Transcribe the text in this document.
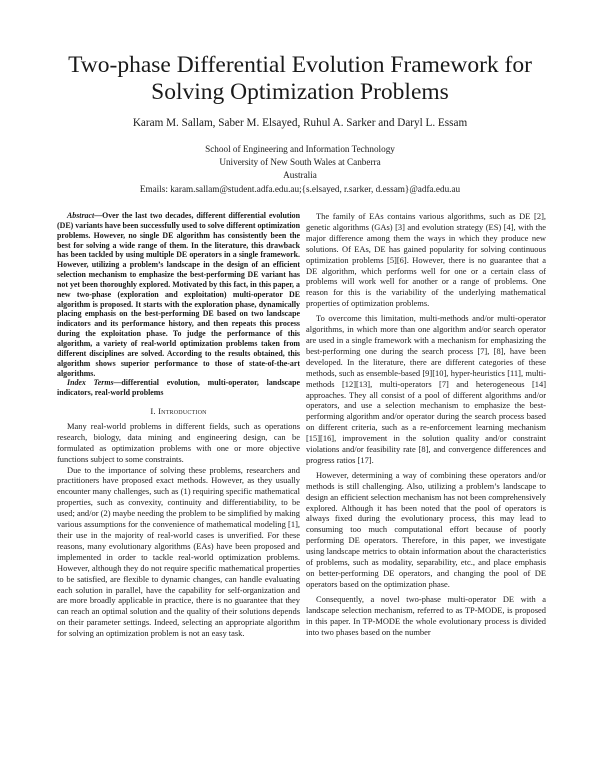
Two-phase Differential Evolution Framework for Solving Optimization Problems
Karam M. Sallam, Saber M. Elsayed, Ruhul A. Sarker and Daryl L. Essam
School of Engineering and Information Technology
University of New South Wales at Canberra
Australia
Emails: karam.sallam@student.adfa.edu.au;{s.elsayed, r.sarker, d.essam}@adfa.edu.au

Abstract—Over the last two decades, different differential evolution (DE) variants have been successfully used to solve different optimization problems. However, no single DE algorithm has consistently been the best for solving a wide range of them. In the literature, this drawback has been tackled by using multiple DE operators in a single framework. However, utilizing a problem’s landscape in the design of an efficient selection mechanism to emphasize the best-performing DE variant has not yet been thoroughly explored. Motivated by this fact, in this paper, a new two-phase (exploration and exploitation) multi-operator DE algorithm is proposed. It starts with the exploration phase, dynamically placing emphasis on the best-performing DE based on two landscape indicators and its performance history, and then repeats this process during the exploitation phase. To judge the performance of this algorithm, a variety of real-world optimization problems taken from different disciplines are solved. According to the results obtained, this algorithm shows superior performance to those of state-of-the-art algorithms.

Index Terms—differential evolution, multi-operator, landscape indicators, real-world problems

I. Introduction

Many real-world problems in different fields, such as operations research, biology, data mining and engineering design, can be formulated as optimization problems with one or more objective functions subject to some constraints.

Due to the importance of solving these problems, researchers and practitioners have proposed exact methods. However, as they usually encounter many challenges, such as (1) requiring specific mathematical properties, such as convexity, continuity and differentiability, to be used; and/or (2) maybe needing the problem to be simplified by making various assumptions for the convenience of mathematical modeling [1], their use in the majority of real-world cases is unverified. For these reasons, many evolutionary algorithms (EAs) have been proposed and implemented in order to tackle real-world optimization problems. However, although they do not require specific mathematical properties to be satisfied, are flexible to dynamic changes, can handle evaluating each solution in parallel, have the capability for self-organization and are more broadly applicable in practice, there is no guarantee that they can reach an optimal solution and the quality of their solutions depends on their parameter settings. Indeed, selecting an appropriate algorithm for solving an optimization problem is not an easy task.

The family of EAs contains various algorithms, such as DE [2], genetic algorithms (GAs) [3] and evolution strategy (ES) [4], with the major difference among them the ways in which they produce new solutions. Of EAs, DE has gained popularity for solving continuous optimization problems [5][6]. However, there is no guarantee that a DE algorithm, which performs well for one or a certain class of problems will work well for another or a range of problems. One reason for this is the variability of the underlying mathematical properties of optimization problems.

To overcome this limitation, multi-methods and/or multi-operator algorithms, in which more than one algorithm and/or search operator are used in a single framework with a mechanism for emphasizing the best-performing one during the search process [7], [8], have been developed. In the literature, there are different categories of these methods, such as ensemble-based [9][10], hyper-heuristics [11], multi-methods [12][13], multi-operators [7] and heterogeneous [14] approaches. They all consist of a pool of different algorithms and/or operators, and use a selection mechanism to emphasize the best-performing algorithm and/or operator during the search process based on different criteria, such as a re-enforcement learning mechanism [15][16], improvement in the solution quality and/or constraint violations and/or feasibility rate [8], and convergence differences and progress ratios [17].

However, determining a way of combining these operators and/or methods is still challenging. Also, utilizing a problem’s landscape to design an efficient selection mechanism has not been comprehensively explored. Although it has been noted that the pool of operators is always fixed during the evolutionary process, this may lead to consuming too much computational effort because of poorly performing DE operators. Therefore, in this paper, we investigate using landscape metrics to obtain information about the characteristics of problems, such as modality, separability, etc., and place emphasis on better-performing DE operators, and changing the pool of DE operators based on the optimization phase.

Consequently, a novel two-phase multi-operator DE with a landscape selection mechanism, referred to as TP-MODE, is proposed in this paper. In TP-MODE the whole evolutionary process is divided into two phases based on the number
